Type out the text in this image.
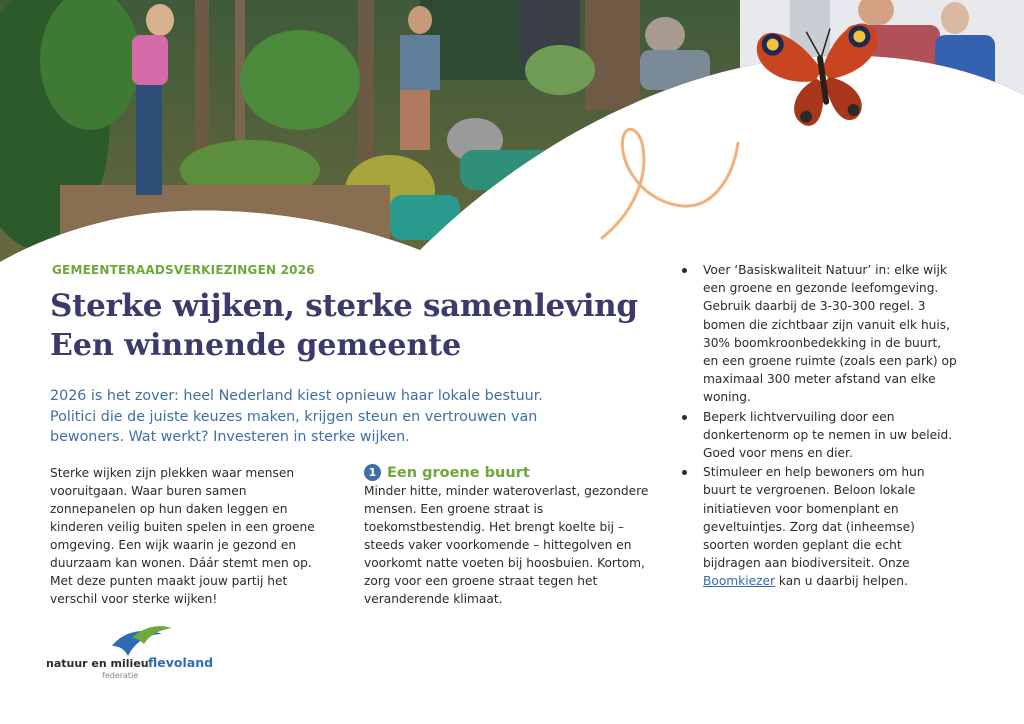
GEMEENTERAADSVERKIEZINGEN 2026
Sterke wijken, sterke samenleving
Een winnende gemeente

2026 is het zover: heel Nederland kiest opnieuw haar lokale bestuur. Politici die de juiste keuzes maken, krijgen steun en vertrouwen van bewoners. Wat werkt? Investeren in sterke wijken.

Sterke wijken zijn plekken waar mensen vooruitgaan. Waar buren samen zonnepanelen op hun daken leggen en kinderen veilig buiten spelen in een groene omgeving. Een wijk waarin je gezond en duurzaam kan wonen. Dáár stemt men op. Met deze punten maakt jouw partij het verschil voor sterke wijken!

1 Een groene buurt

Minder hitte, minder wateroverlast, gezondere mensen. Een groene straat is toekomstbestendig. Het brengt koelte bij – steeds vaker voorkomende – hittegolven en voorkomt natte voeten bij hoosbuien. Kortom, zorg voor een groene straat tegen het veranderende klimaat.

Voer ‘Basiskwaliteit Natuur’ in: elke wijk een groene en gezonde leefomgeving. Gebruik daarbij de 3-30-300 regel. 3 bomen die zichtbaar zijn vanuit elk huis, 30% boomkroonbedekking in de buurt, en een groene ruimte (zoals een park) op maximaal 300 meter afstand van elke woning.
Beperk lichtvervuiling door een donkertenorm op te nemen in uw beleid. Goed voor mens en dier.
Stimuleer en help bewoners om hun buurt te vergroenen. Beloon lokale initiatieven voor bomenplant en geveltuintjes. Zorg dat (inheemse) soorten worden geplant die echt bijdragen aan biodiversiteit. Onze Boomkiezer kan u daarbij helpen.
natuur en milieu flevoland
federatie
